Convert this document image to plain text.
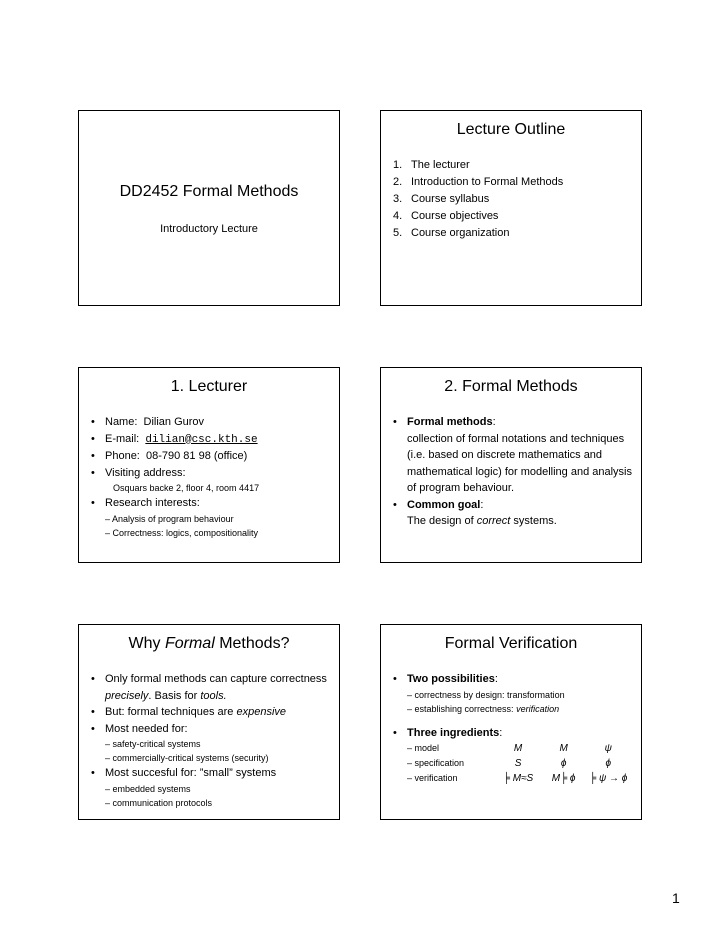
DD2452 Formal Methods
Introductory Lecture
Lecture Outline
1. The lecturer
2. Introduction to Formal Methods
3. Course syllabus
4. Course objectives
5. Course organization
1. Lecturer
• Name: Dilian Gurov
• E-mail: dilian@csc.kth.se
• Phone: 08-790 81 98 (office)
• Visiting address:
Osquars backe 2, floor 4, room 4417
• Research interests:
– Analysis of program behaviour
– Correctness: logics, compositionality
2. Formal Methods
• Formal methods:
collection of formal notations and techniques (i.e. based on discrete mathematics and mathematical logic) for modelling and analysis of program behaviour.
• Common goal:
The design of correct systems.
Why Formal Methods?
• Only formal methods can capture correctness precisely. Basis for tools.
• But: formal techniques are expensive
• Most needed for:
– safety-critical systems
– commercially-critical systems (security)
• Most succesful for: ”small” systems
– embedded systems
– communication protocols
Formal Verification
• Two possibilities:
– correctness by design: transformation
– establishing correctness: verification
• Three ingredients:
– model	M	M	ψ
– specification	S	ϕ	ϕ
– verification	╞ M≈S	M╞ ϕ	╞ ψ → ϕ
1
